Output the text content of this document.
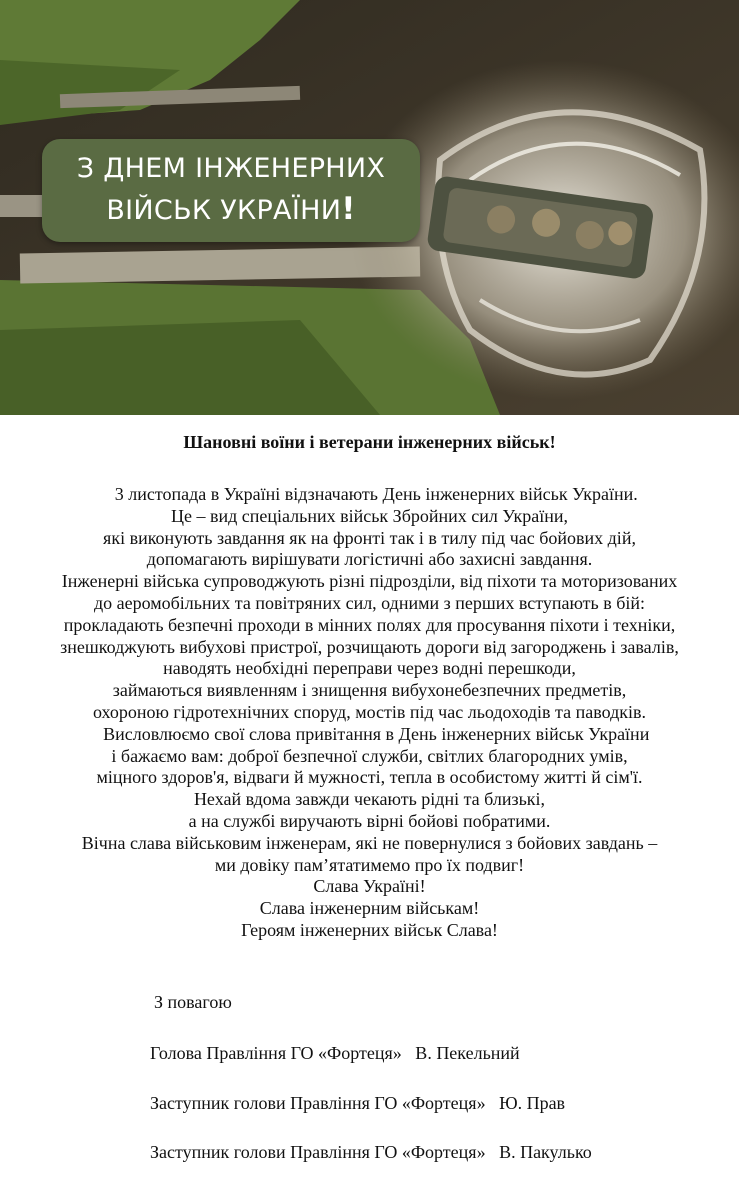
З ДНЕМ ІНЖЕНЕРНИХ
ВІЙСЬК УКРАЇНИ!
Шановні воїни і ветерани інженерних військ!

3 листопада в Україні відзначають День інженерних військ України.

Це – вид спеціальних військ Збройних сил України,

які виконують завдання як на фронті так і в тилу під час бойових дій,

допомагають вирішувати логістичні або захисні завдання.

Інженерні війська супроводжують різні підрозділи, від піхоти та моторизованих

до аеромобільних та повітряних сил, одними з перших вступають в бій:

прокладають безпечні проходи в мінних полях для просування піхоти і техніки,

знешкоджують вибухові пристрої, розчищають дороги від загороджень і завалів,

наводять необхідні переправи через водні перешкоди,

займаються виявленням і знищення вибухонебезпечних предметів,

охороною гідротехнічних споруд, мостів під час льодоходів та паводків.

Висловлюємо свої слова привітання в День інженерних військ України

і бажаємо вам: доброї безпечної служби, світлих благородних умів,

міцного здоров'я, відваги й мужності, тепла в особистому житті й сім'ї.

Нехай вдома завжди чекають рідні та близькі,

а на службі виручають вірні бойові побратими.

Вічна слава військовим інженерам, які не повернулися з бойових завдань –

ми довіку пам’ятатимемо про їх подвиг!

Слава Україні!

Слава інженерним військам!

Героям інженерних військ Слава!

З повагою
Голова Правління ГО «Фортеця»   В. Пекельний
Заступник голови Правління ГО «Фортеця»   Ю. Прав
Заступник голови Правління ГО «Фортеця»   В. Пакулько
